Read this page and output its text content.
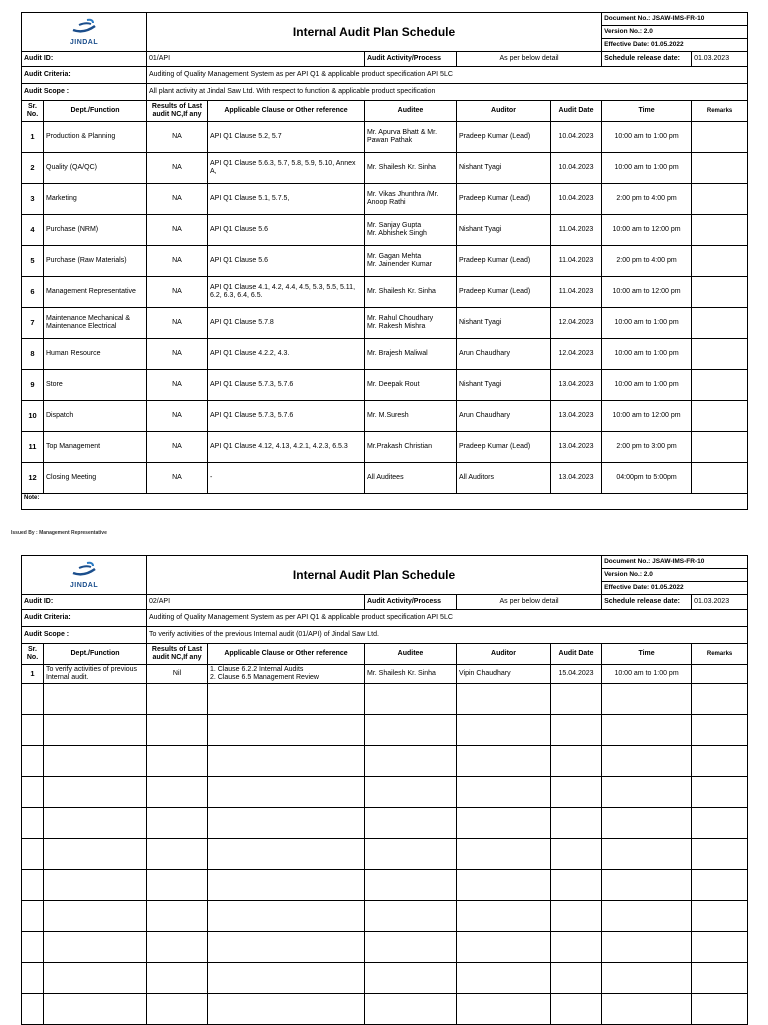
JINDAL		Internal Audit Plan Schedule					Document No.: JSAW-IMS-FR-10	
							Version No.: 2.0	
							Effective Date: 01.05.2022	
Audit ID:		01/API		Audit Activity/Process	As per below detail		Schedule release date:	01.03.2023
Audit Criteria:		Auditing of Quality Management System as per API Q1 & applicable product specification API 5LC						
Audit Scope :		All plant activity at Jindal Saw Ltd. With respect to function & applicable product specification						
Sr. No.	Dept./Function	Results of Last audit NC,If any	Applicable Clause or Other reference	Auditee	Auditor	Audit Date	Time	Remarks
1	Production & Planning	NA	API Q1 Clause 5.2, 5.7	Mr. Apurva Bhatt & Mr. Pawan Pathak	Pradeep Kumar (Lead)	10.04.2023	10:00 am to 1:00 pm	
2	Quality (QA/QC)	NA	API Q1 Clause 5.6.3, 5.7, 5.8, 5.9, 5.10, Annex A,	Mr. Shailesh Kr. Sinha	Nishant Tyagi	10.04.2023	10:00 am to 1:00 pm	
3	Marketing	NA	API Q1 Clause 5.1, 5.7.5,	Mr. Vikas Jhunthra /Mr. Anoop Rathi	Pradeep Kumar (Lead)	10.04.2023	2:00 pm to 4:00 pm	
4	Purchase (NRM)	NA	API Q1 Clause 5.6	Mr. Sanjay Gupta
Mr. Abhishek Singh	Nishant Tyagi	11.04.2023	10:00 am to 12:00 pm	
5	Purchase (Raw Materials)	NA	API Q1 Clause 5.6	Mr. Gagan Mehta
Mr. Jainender Kumar	Pradeep Kumar (Lead)	11.04.2023	2:00 pm to 4:00 pm	
6	Management Representative	NA	API Q1 Clause 4.1, 4.2, 4.4, 4.5, 5.3, 5.5, 5.11, 6.2, 6.3, 6.4, 6.5.	Mr. Shailesh Kr. Sinha	Pradeep Kumar (Lead)	11.04.2023	10:00 am to 12:00 pm	
7	Maintenance Mechanical & Maintenance Electrical	NA	API Q1 Clause 5.7.8	Mr. Rahul Choudhary
Mr. Rakesh Mishra	Nishant Tyagi	12.04.2023	10:00 am to 1:00 pm	
8	Human Resource	NA	API Q1 Clause 4.2.2, 4.3.	Mr. Brajesh Maliwal	Arun Chaudhary	12.04.2023	10:00 am to 1:00 pm	
9	Store	NA	API Q1 Clause 5.7.3, 5.7.6	Mr. Deepak Rout	Nishant Tyagi	13.04.2023	10:00 am to 1:00 pm	
10	Dispatch	NA	API Q1 Clause 5.7.3, 5.7.6	Mr. M.Suresh	Arun Chaudhary	13.04.2023	10:00 am to 12:00 pm	
11	Top Management	NA	API Q1 Clause 4.12, 4.13, 4.2.1, 4.2.3, 6.5.3	Mr.Prakash Christian	Pradeep Kumar (Lead)	13.04.2023	2:00 pm to 3:00 pm	
12	Closing Meeting	NA	-	All Auditees	All Auditors	13.04.2023	04:00pm to 5:00pm	
Note:								
Issued By : Management Representative
JINDAL		Internal Audit Plan Schedule					Document No.: JSAW-IMS-FR-10	
							Version No.: 2.0	
							Effective Date: 01.05.2022	
Audit ID:		02/API		Audit Activity/Process	As per below detail		Schedule release date:	01.03.2023
Audit Criteria:		Auditing of Quality Management System as per API Q1 & applicable product specification API 5LC						
Audit Scope :		To verify activities of the previous Internal audit (01/API) of Jindal Saw Ltd.						
Sr. No.	Dept./Function	Results of Last audit NC,If any	Applicable Clause or Other reference	Auditee	Auditor	Audit Date	Time	Remarks
1	To verify activities of previous Internal audit.	Nil	1. Clause 6.2.2 Internal Audits
2. Clause 6.5 Management Review	Mr. Shailesh Kr. Sinha	Vipin Chaudhary	15.04.2023	10:00 am to 1:00 pm	
